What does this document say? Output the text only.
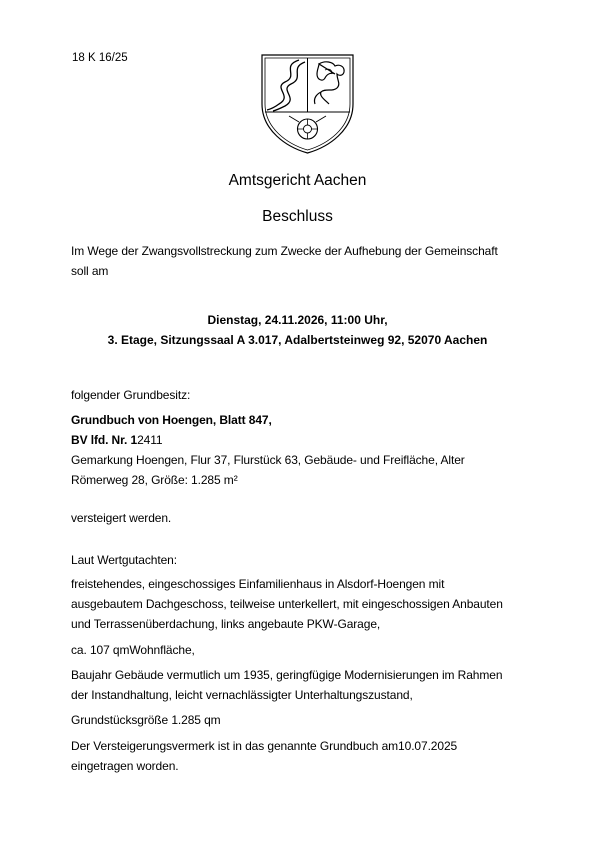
18 K 16/25
Amtsgericht Aachen
Beschluss
Im Wege der Zwangsvollstreckung zum Zwecke der Aufhebung der Gemeinschaft
soll am
Dienstag, 24.11.2026, 11:00 Uhr,
3. Etage, Sitzungssaal A 3.017, Adalbertsteinweg 92, 52070 Aachen
folgender Grundbesitz:
Grundbuch von Hoengen, Blatt 847,
BV lfd. Nr. 12411
Gemarkung Hoengen, Flur 37, Flurstück 63, Gebäude- und Freifläche, Alter
Römerweg 28, Größe: 1.285 m²
versteigert werden.
Laut Wertgutachten:
freistehendes, eingeschossiges Einfamilienhaus in Alsdorf-Hoengen mit
ausgebautem Dachgeschoss, teilweise unterkellert, mit eingeschossigen Anbauten
und Terrassenüberdachung, links angebaute PKW-Garage,
ca. 107 qmWohnfläche,
Baujahr Gebäude vermutlich um 1935, geringfügige Modernisierungen im Rahmen
der Instandhaltung, leicht vernachlässigter Unterhaltungszustand,
Grundstücksgröße 1.285 qm
Der Versteigerungsvermerk ist in das genannte Grundbuch am10.07.2025
eingetragen worden.
